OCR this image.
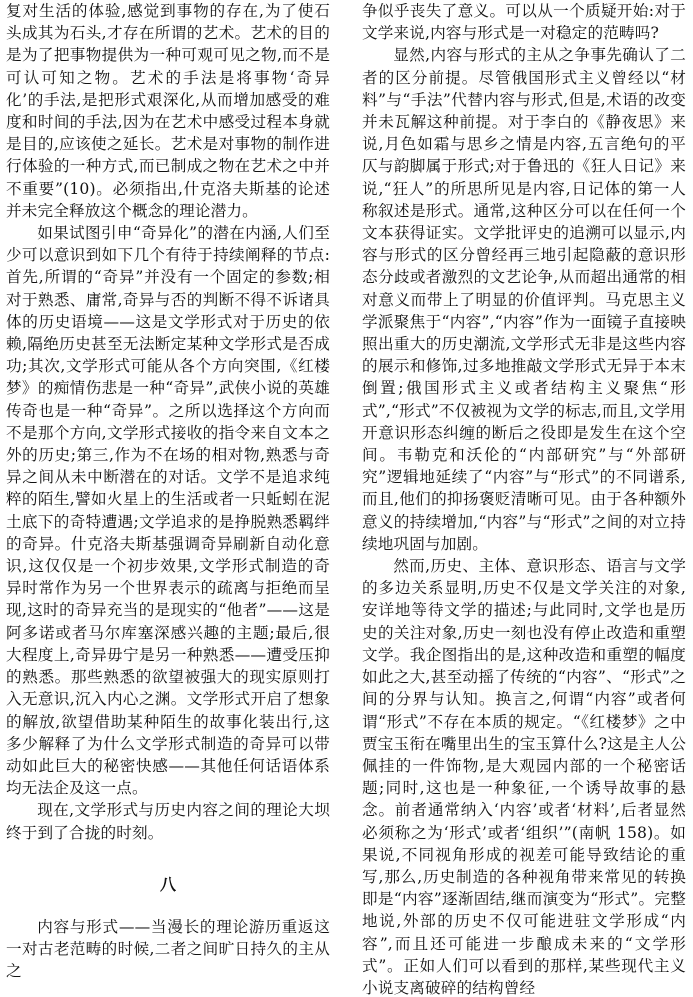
复对生活的体验,感觉到事物的存在,为了使石头成其为石头,才存在所谓的艺术。艺术的目的是为了把事物提供为一种可观可见之物,而不是可认可知之物。艺术的手法是将事物‘奇异化’的手法,是把形式艰深化,从而增加感受的难度和时间的手法,因为在艺术中感受过程本身就是目的,应该使之延长。艺术是对事物的制作进行体验的一种方式,而已制成之物在艺术之中并不重要”(10)。必须指出,什克洛夫斯基的论述并未完全释放这个概念的理论潜力。

如果试图引申“奇异化”的潜在内涵,人们至少可以意识到如下几个有待于持续阐释的节点:首先,所谓的“奇异”并没有一个固定的参数;相对于熟悉、庸常,奇异与否的判断不得不诉诸具体的历史语境——这是文学形式对于历史的依赖,隔绝历史甚至无法断定某种文学形式是否成功;其次,文学形式可能从各个方向突围,《红楼梦》的痴情伤悲是一种“奇异”,武侠小说的英雄传奇也是一种“奇异”。之所以选择这个方向而不是那个方向,文学形式接收的指令来自文本之外的历史;第三,作为不在场的相对物,熟悉与奇异之间从未中断潜在的对话。文学不是追求纯粹的陌生,譬如火星上的生活或者一只蚯蚓在泥土底下的奇特遭遇;文学追求的是挣脱熟悉羁绊的奇异。什克洛夫斯基强调奇异刷新自动化意识,这仅仅是一个初步效果,文学形式制造的奇异时常作为另一个世界表示的疏离与拒绝而呈现,这时的奇异充当的是现实的“他者”——这是阿多诺或者马尔库塞深感兴趣的主题;最后,很大程度上,奇异毋宁是另一种熟悉——遭受压抑的熟悉。那些熟悉的欲望被强大的现实原则打入无意识,沉入内心之渊。文学形式开启了想象的解放,欲望借助某种陌生的故事化装出行,这多少解释了为什么文学形式制造的奇异可以带动如此巨大的秘密快感——其他任何话语体系均无法企及这一点。

现在,文学形式与历史内容之间的理论大坝终于到了合拢的时刻。

八

内容与形式——当漫长的理论游历重返这一对古老范畴的时候,二者之间旷日持久的主从之

争似乎丧失了意义。可以从一个质疑开始:对于文学来说,内容与形式是一对稳定的范畴吗?

显然,内容与形式的主从之争事先确认了二者的区分前提。尽管俄国形式主义曾经以“材料”与“手法”代替内容与形式,但是,术语的改变并未瓦解这种前提。对于李白的《静夜思》来说,月色如霜与思乡之情是内容,五言绝句的平仄与韵脚属于形式;对于鲁迅的《狂人日记》来说,“狂人”的所思所见是内容,日记体的第一人称叙述是形式。通常,这种区分可以在任何一个文本获得证实。文学批评史的追溯可以显示,内容与形式的区分曾经再三地引起隐蔽的意识形态分歧或者激烈的文艺论争,从而超出通常的相对意义而带上了明显的价值评判。马克思主义学派聚焦于“内容”,“内容”作为一面镜子直接映照出重大的历史潮流,文学形式无非是这些内容的展示和修饰,过多地推敲文学形式无异于本末倒置;俄国形式主义或者结构主义聚焦“形式”,“形式”不仅被视为文学的标志,而且,文学用开意识形态纠缠的断后之役即是发生在这个空间。韦勒克和沃伦的“内部研究”与“外部研究”逻辑地延续了“内容”与“形式”的不同谱系,而且,他们的抑扬褒贬清晰可见。由于各种额外意义的持续增加,“内容”与“形式”之间的对立持续地巩固与加剧。

然而,历史、主体、意识形态、语言与文学的多边关系显明,历史不仅是文学关注的对象,安详地等待文学的描述;与此同时,文学也是历史的关注对象,历史一刻也没有停止改造和重塑文学。我企图指出的是,这种改造和重塑的幅度如此之大,甚至动摇了传统的“内容”、“形式”之间的分界与认知。换言之,何谓“内容”或者何谓“形式”不存在本质的规定。“《红楼梦》之中贾宝玉衔在嘴里出生的宝玉算什么?这是主人公佩挂的一件饰物,是大观园内部的一个秘密话题;同时,这也是一种象征,一个诱导故事的悬念。前者通常纳入‘内容’或者‘材料’,后者显然必须称之为‘形式’或者‘组织’”(南帆 158)。如果说,不同视角形成的视差可能导致结论的重写,那么,历史制造的各种视角带来常见的转换即是“内容”逐渐固结,继而演变为“形式”。完整地说,外部的历史不仅可能进驻文学形成“内容”,而且还可能进一步酿成未来的“文学形式”。正如人们可以看到的那样,某些现代主义小说支离破碎的结构曾经
